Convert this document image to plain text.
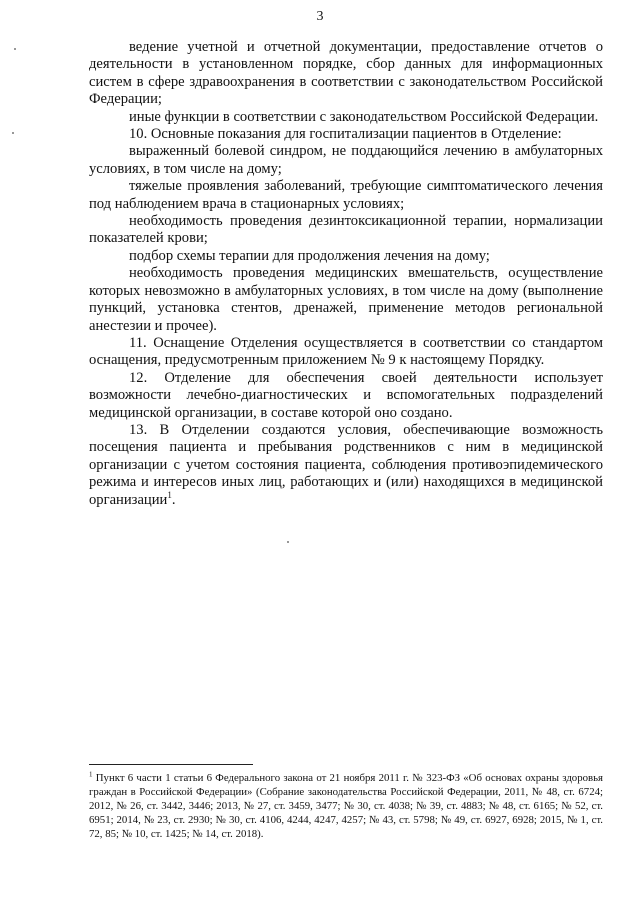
3

ведение учетной и отчетной документации, предоставление отчетов о деятельности в установленном порядке, сбор данных для информационных систем в сфере здравоохранения в соответствии с законодательством Российской Федерации;

иные функции в соответствии с законодательством Российской Федерации.

10. Основные показания для госпитализации пациентов в Отделение:

выраженный болевой синдром, не поддающийся лечению в амбулаторных условиях, в том числе на дому;

тяжелые проявления заболеваний, требующие симптоматического лечения под наблюдением врача в стационарных условиях;

необходимость проведения дезинтоксикационной терапии, нормализации показателей крови;

подбор схемы терапии для продолжения лечения на дому;

необходимость проведения медицинских вмешательств, осуществление которых невозможно в амбулаторных условиях, в том числе на дому (выполнение пункций, установка стентов, дренажей, применение методов региональной анестезии и прочее).

11. Оснащение Отделения осуществляется в соответствии со стандартом оснащения, предусмотренным приложением № 9 к настоящему Порядку.

12. Отделение для обеспечения своей деятельности использует возможности лечебно-диагностических и вспомогательных подразделений медицинской организации, в составе которой оно создано.

13. В Отделении создаются условия, обеспечивающие возможность посещения пациента и пребывания родственников с ним в медицинской организации с учетом состояния пациента, соблюдения противоэпидемического режима и интересов иных лиц, работающих и (или) находящихся в медицинской организации$^1$.

$^1$ Пункт 6 части 1 статьи 6 Федерального закона от 21 ноября 2011 г. № 323-ФЗ «Об основах охраны здоровья граждан в Российской Федерации» (Собрание законодательства Российской Федерации, 2011, № 48, ст. 6724; 2012, № 26, ст. 3442, 3446; 2013, № 27, ст. 3459, 3477; № 30, ст. 4038; № 39, ст. 4883; № 48, ст. 6165; № 52, ст. 6951; 2014, № 23, ст. 2930; № 30, ст. 4106, 4244, 4247, 4257; № 43, ст. 5798; № 49, ст. 6927, 6928; 2015, № 1, ст. 72, 85; № 10, ст. 1425; № 14, ст. 2018).
